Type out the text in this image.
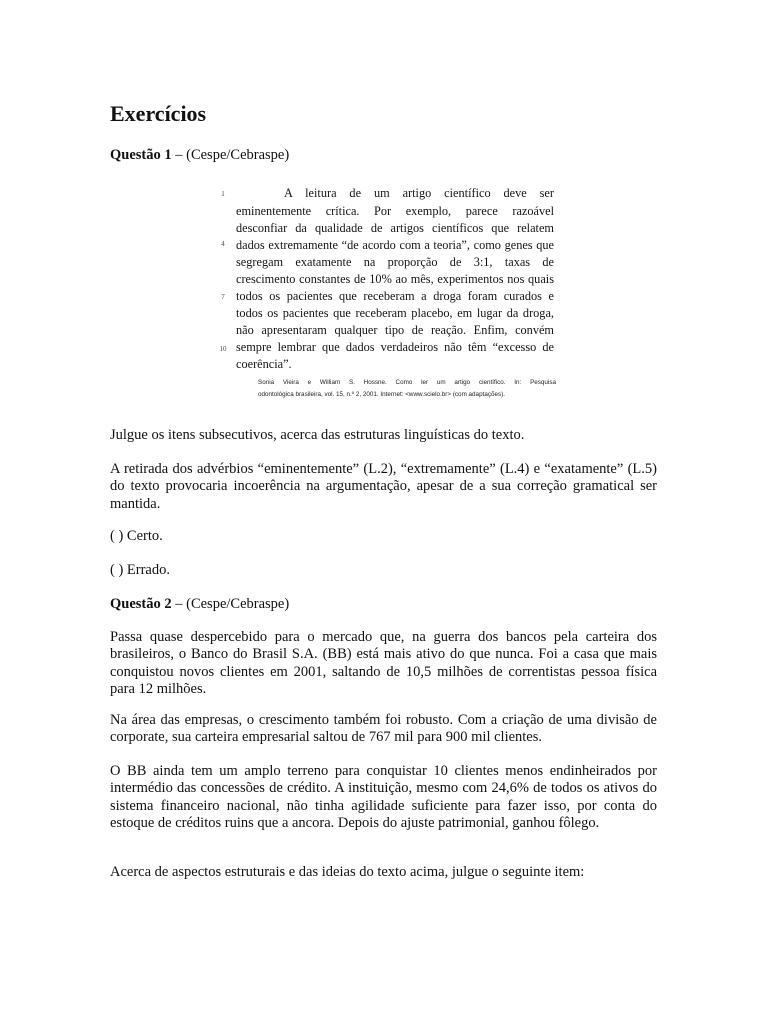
Exercícios

Questão 1 – (Cespe/Cebraspe)

1
4
7
10
A leitura de um artigo científico deve ser
eminentemente crítica. Por exemplo, parece razoável
desconfiar da qualidade de artigos científicos que relatem
dados extremamente “de acordo com a teoria”, como genes que
segregam exatamente na proporção de 3:1, taxas de
crescimento constantes de 10% ao mês, experimentos nos quais
todos os pacientes que receberam a droga foram curados e
todos os pacientes que receberam placebo, em lugar da droga,
não apresentaram qualquer tipo de reação. Enfim, convém
sempre lembrar que dados verdadeiros não têm “excesso de
coerência”.
Sonia Vieira e William S. Hossne. Como ler um artigo científico. In: Pesquisa
odontológica brasileira, vol. 15, n.º 2, 2001. Internet: <www.scielo.br> (com adaptações).

Julgue os itens subsecutivos, acerca das estruturas linguísticas do texto.

A retirada dos advérbios “eminentemente” (L.2), “extremamente” (L.4) e “exatamente” (L.5) do texto provocaria incoerência na argumentação, apesar de a sua correção gramatical ser mantida.

( ) Certo.

( ) Errado.

Questão 2 – (Cespe/Cebraspe)

Passa quase despercebido para o mercado que, na guerra dos bancos pela carteira dos brasileiros, o Banco do Brasil S.A. (BB) está mais ativo do que nunca. Foi a casa que mais conquistou novos clientes em 2001, saltando de 10,5 milhões de correntistas pessoa física para 12 milhões.

Na área das empresas, o crescimento também foi robusto. Com a criação de uma divisão de corporate, sua carteira empresarial saltou de 767 mil para 900 mil clientes.

O BB ainda tem um amplo terreno para conquistar 10 clientes menos endinheirados por intermédio das concessões de crédito. A instituição, mesmo com 24,6% de todos os ativos do sistema financeiro nacional, não tinha agilidade suficiente para fazer isso, por conta do estoque de créditos ruins que a ancora. Depois do ajuste patrimonial, ganhou fôlego.

Acerca de aspectos estruturais e das ideias do texto acima, julgue o seguinte item:
